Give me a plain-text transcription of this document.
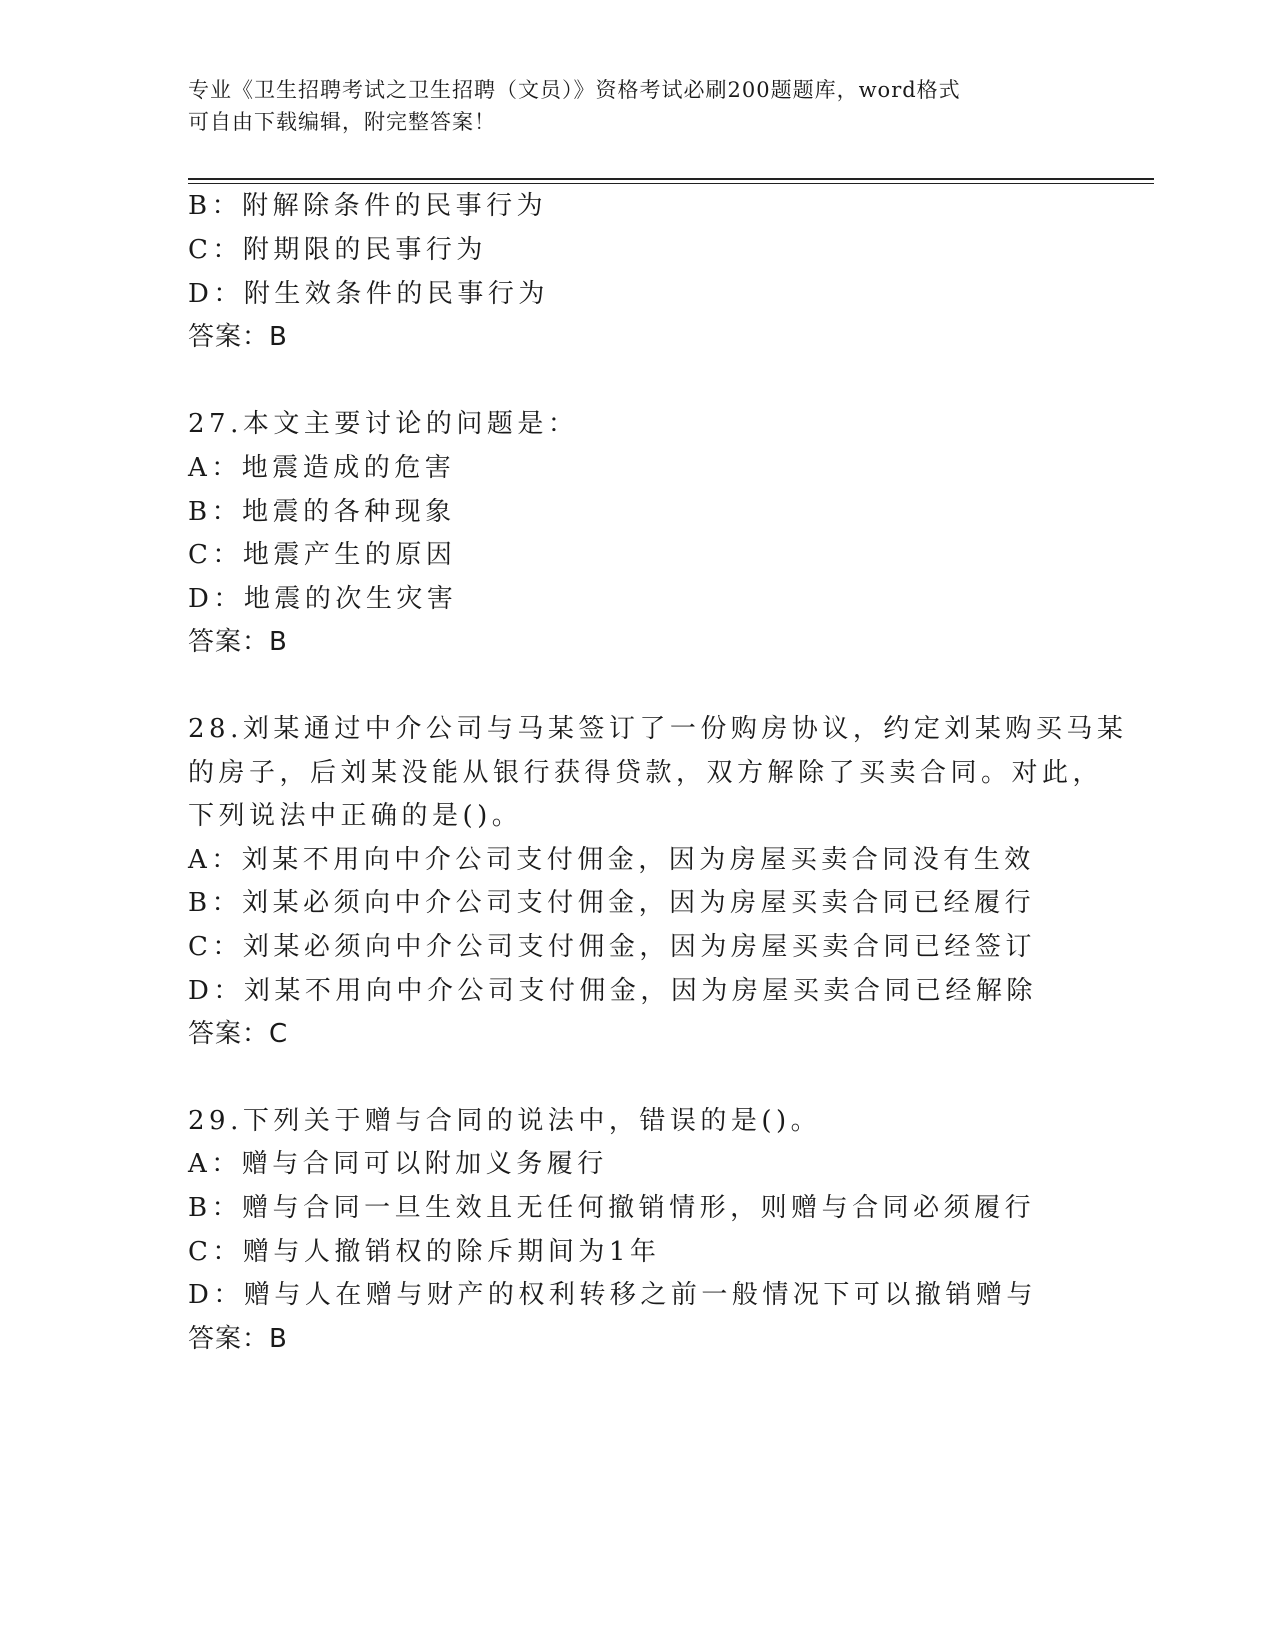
专业《卫生招聘考试之卫生招聘（文员）》资格考试必刷200题题库，word格式
可自由下载编辑，附完整答案！
B：附解除条件的民事行为
C：附期限的民事行为
D：附生效条件的民事行为
答案：B
27.本文主要讨论的问题是：
A：地震造成的危害
B：地震的各种现象
C：地震产生的原因
D：地震的次生灾害
答案：B
28.刘某通过中介公司与马某签订了一份购房协议，约定刘某购买马某
的房子，后刘某没能从银行获得贷款，双方解除了买卖合同。对此，
下列说法中正确的是()。
A：刘某不用向中介公司支付佣金，因为房屋买卖合同没有生效
B：刘某必须向中介公司支付佣金，因为房屋买卖合同已经履行
C：刘某必须向中介公司支付佣金，因为房屋买卖合同已经签订
D：刘某不用向中介公司支付佣金，因为房屋买卖合同已经解除
答案：C
29.下列关于赠与合同的说法中，错误的是()。
A：赠与合同可以附加义务履行
B：赠与合同一旦生效且无任何撤销情形，则赠与合同必须履行
C：赠与人撤销权的除斥期间为1年
D：赠与人在赠与财产的权利转移之前一般情况下可以撤销赠与
答案：B
